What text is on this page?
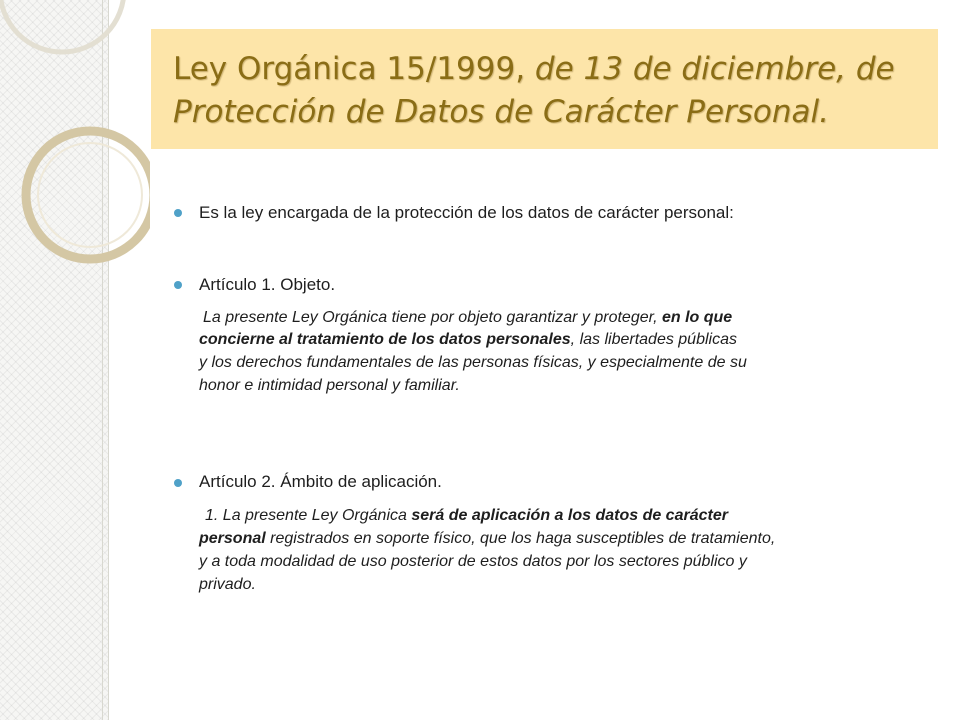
Ley Orgánica 15/1999, de 13 de diciembre, de
Protección de Datos de Carácter Personal.
Es la ley encargada de la protección de los datos de carácter personal:
Artículo 1. Objeto.
La presente Ley Orgánica tiene por objeto garantizar y proteger, en lo que
concierne al tratamiento de los datos personales, las libertades públicas
y los derechos fundamentales de las personas físicas, y especialmente de su
honor e intimidad personal y familiar.
Artículo 2. Ámbito de aplicación.
1. La presente Ley Orgánica será de aplicación a los datos de carácter
personal registrados en soporte físico, que los haga susceptibles de tratamiento,
y a toda modalidad de uso posterior de estos datos por los sectores público y
privado.
